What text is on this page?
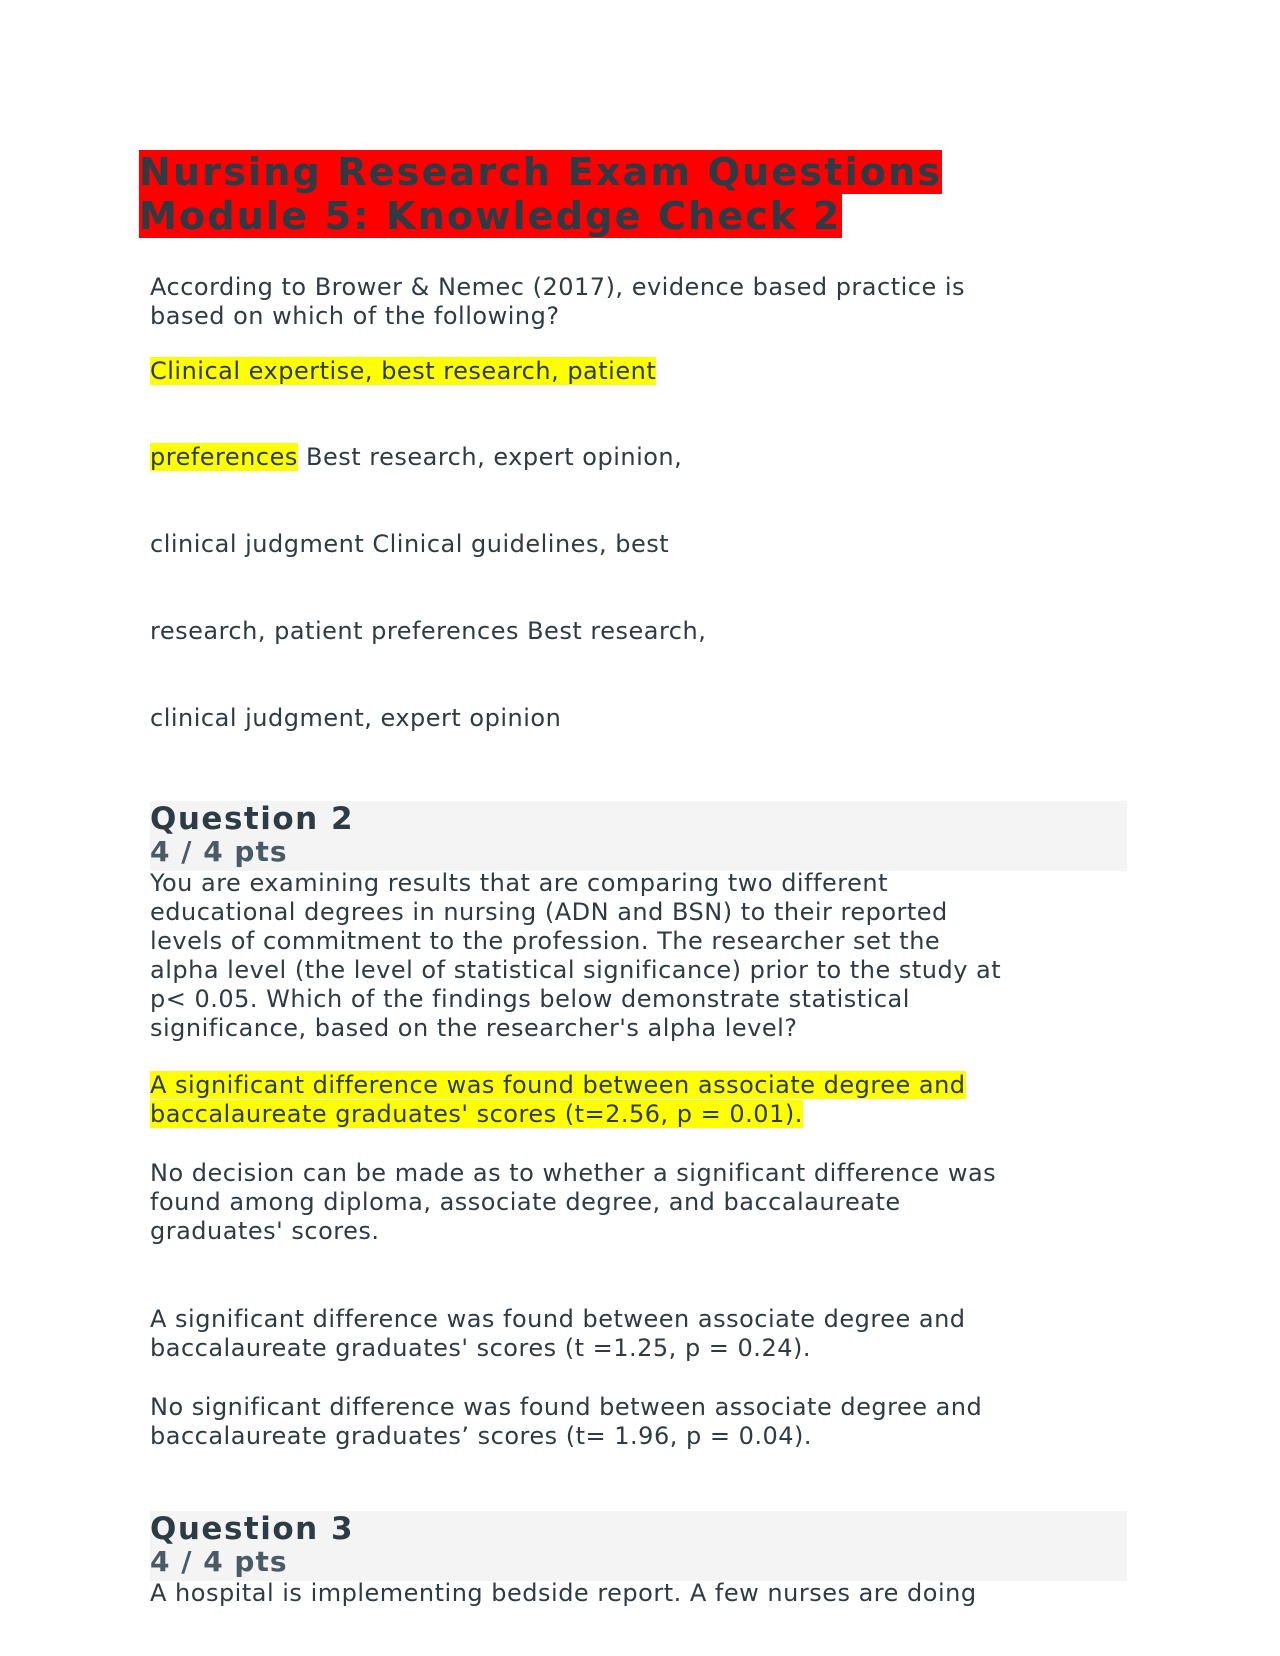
Nursing Research Exam Questions
Module 5: Knowledge Check 2

According to Brower & Nemec (2017), evidence based practice is
based on which of the following?

Clinical expertise, best research, patient

preferences Best research, expert opinion,

clinical judgment Clinical guidelines, best

research, patient preferences Best research,

clinical judgment, expert opinion

Question 2
4 / 4 pts

You are examining results that are comparing two different
educational degrees in nursing (ADN and BSN) to their reported
levels of commitment to the profession. The researcher set the
alpha level (the level of statistical significance) prior to the study at
p< 0.05. Which of the findings below demonstrate statistical
significance, based on the researcher's alpha level?

A significant difference was found between associate degree and
baccalaureate graduates' scores (t=2.56, p = 0.01).

No decision can be made as to whether a significant difference was
found among diploma, associate degree, and baccalaureate
graduates' scores.

A significant difference was found between associate degree and
baccalaureate graduates' scores (t =1.25, p = 0.24).

No significant difference was found between associate degree and
baccalaureate graduates’ scores (t= 1.96, p = 0.04).

Question 3
4 / 4 pts

A hospital is implementing bedside report. A few nurses are doing
